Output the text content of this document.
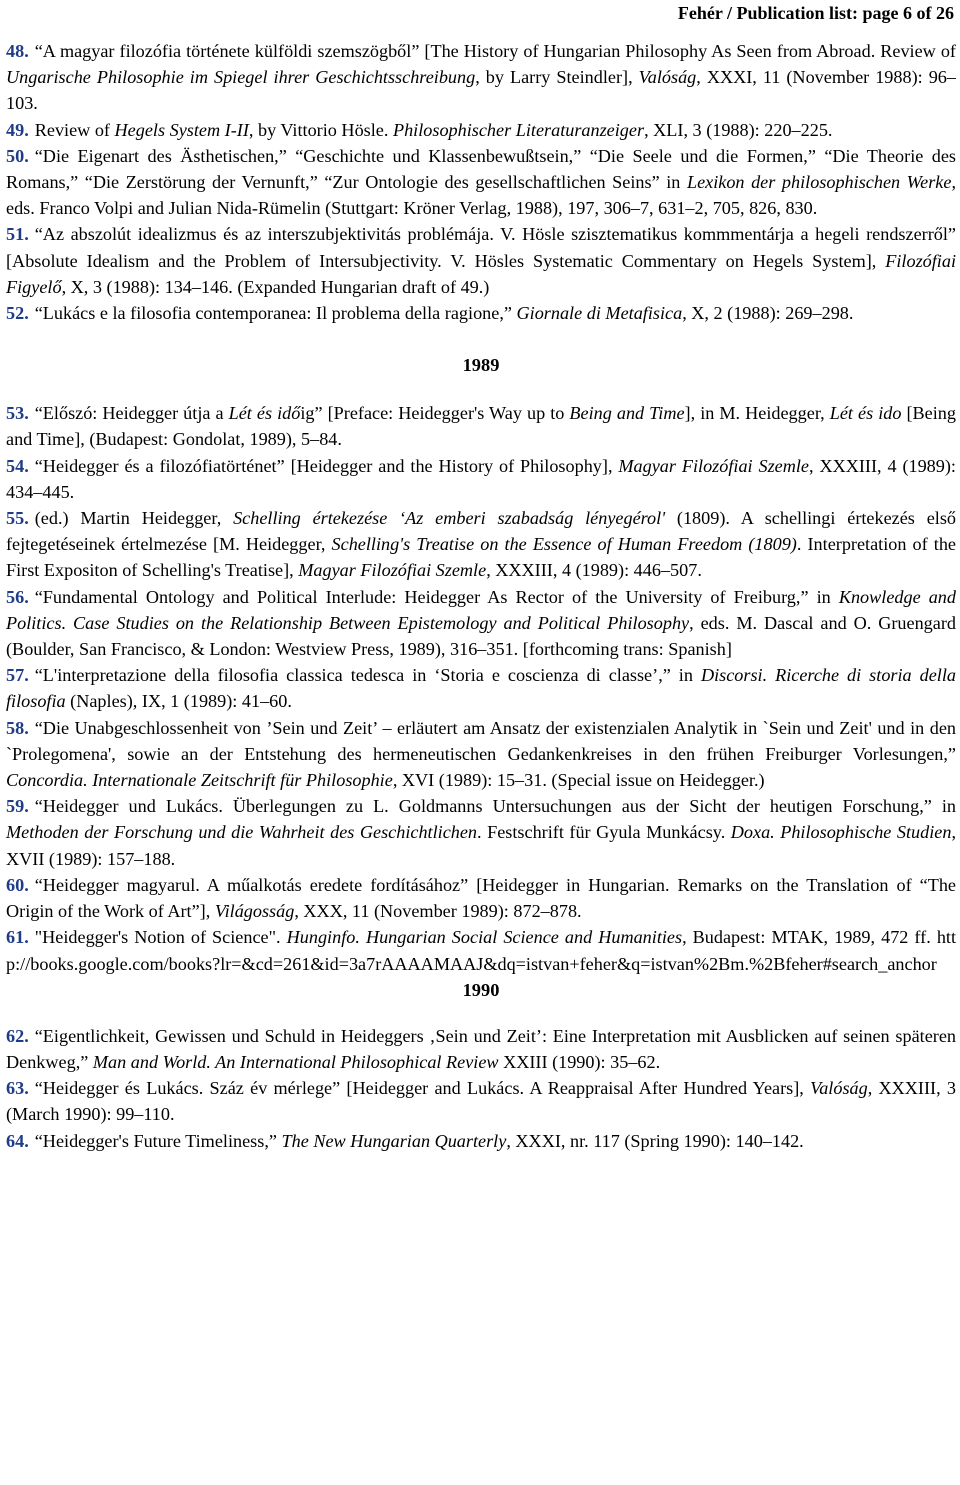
Fehér / Publication list: page 6 of 26

48. “A magyar filozófia története külföldi szemszögből” [The History of Hungarian Philosophy As Seen from Abroad. Review of Ungarische Philosophie im Spiegel ihrer Geschichtsschreibung, by Larry Steindler], Valóság, XXXI, 11 (November 1988): 96–103.

49. Review of Hegels System I-II, by Vittorio Hösle. Philosophischer Literaturanzeiger, XLI, 3 (1988): 220–225.

50. “Die Eigenart des Ästhetischen,” “Geschichte und Klassenbewußtsein,” “Die Seele und die Formen,” “Die Theorie des Romans,” “Die Zerstörung der Vernunft,” “Zur Ontologie des gesellschaftlichen Seins” in Lexikon der philosophischen Werke, eds. Franco Volpi and Julian Nida-Rümelin (Stuttgart: Kröner Verlag, 1988), 197, 306–7, 631–2, 705, 826, 830.

51. “Az abszolút idealizmus és az interszubjektivitás problémája. V. Hösle szisztematikus kommmentárja a hegeli rendszerről” [Absolute Idealism and the Problem of Intersubjectivity. V. Hösles Systematic Commentary on Hegels System], Filozófiai Figyelő, X, 3 (1988): 134–146. (Expanded Hungarian draft of 49.)

52. “Lukács e la filosofia contemporanea: Il problema della ragione,” Giornale di Metafisica, X, 2 (1988): 269–298.

1989

53. “Előszó: Heidegger útja a Lét és időig” [Preface: Heidegger's Way up to Being and Time], in M. Heidegger, Lét és ido [Being and Time], (Budapest: Gondolat, 1989), 5–84.

54. “Heidegger és a filozófiatörténet” [Heidegger and the History of Philosophy], Magyar Filozófiai Szemle, XXXIII, 4 (1989): 434–445.

55. (ed.) Martin Heidegger, Schelling értekezése ‘Az emberi szabadság lényegérol' (1809). A schellingi értekezés első fejtegetéseinek értelmezése [M. Heidegger, Schelling's Treatise on the Essence of Human Freedom (1809). Interpretation of the First Expositon of Schelling's Treatise], Magyar Filozófiai Szemle, XXXIII, 4 (1989): 446–507.

56. “Fundamental Ontology and Political Interlude: Heidegger As Rector of the University of Freiburg,” in Knowledge and Politics. Case Studies on the Relationship Between Epistemology and Political Philosophy, eds. M. Dascal and O. Gruengard (Boulder, San Francisco, & London: Westview Press, 1989), 316–351. [forthcoming trans: Spanish]

57. “L'interpretazione della filosofia classica tedesca in ‘Storia e coscienza di classe’,” in Discorsi. Ricerche di storia della filosofia (Naples), IX, 1 (1989): 41–60.

58. “Die Unabgeschlossenheit von ’Sein und Zeit’ – erläutert am Ansatz der existenzialen Analytik in `Sein und Zeit' und in den `Prolegomena', sowie an der Entstehung des hermeneutischen Gedankenkreises in den frühen Freiburger Vorlesungen,” Concordia. Internationale Zeitschrift für Philosophie, XVI (1989): 15–31. (Special issue on Heidegger.)

59. “Heidegger und Lukács. Überlegungen zu L. Goldmanns Untersuchungen aus der Sicht der heutigen Forschung,” in Methoden der Forschung und die Wahrheit des Geschichtlichen. Festschrift für Gyula Munkácsy. Doxa. Philosophische Studien, XVII (1989): 157–188.

60. “Heidegger magyarul. A műalkotás eredete fordításához” [Heidegger in Hungarian. Remarks on the Translation of “The Origin of the Work of Art”], Világosság, XXX, 11 (November 1989): 872–878.

61. "Heidegger's Notion of Science". Hunginfo. Hungarian Social Science and Humanities, Budapest: MTAK, 1989, 472 ff. http://books.google.com/books?lr=&cd=261&id=3a7rAAAAMAAJ&dq=istvan+feher&q=istvan%2Bm.%2Bfeher#search_anchor

1990

62. “Eigentlichkeit, Gewissen und Schuld in Heideggers ‚Sein und Zeit’: Eine Interpretation mit Ausblicken auf seinen späteren Denkweg,” Man and World. An International Philosophical Review XXIII (1990): 35–62.

63. “Heidegger és Lukács. Száz év mérlege” [Heidegger and Lukács. A Reappraisal After Hundred Years], Valóság, XXXIII, 3 (March 1990): 99–110.

64. “Heidegger's Future Timeliness,” The New Hungarian Quarterly, XXXI, nr. 117 (Spring 1990): 140–142.
